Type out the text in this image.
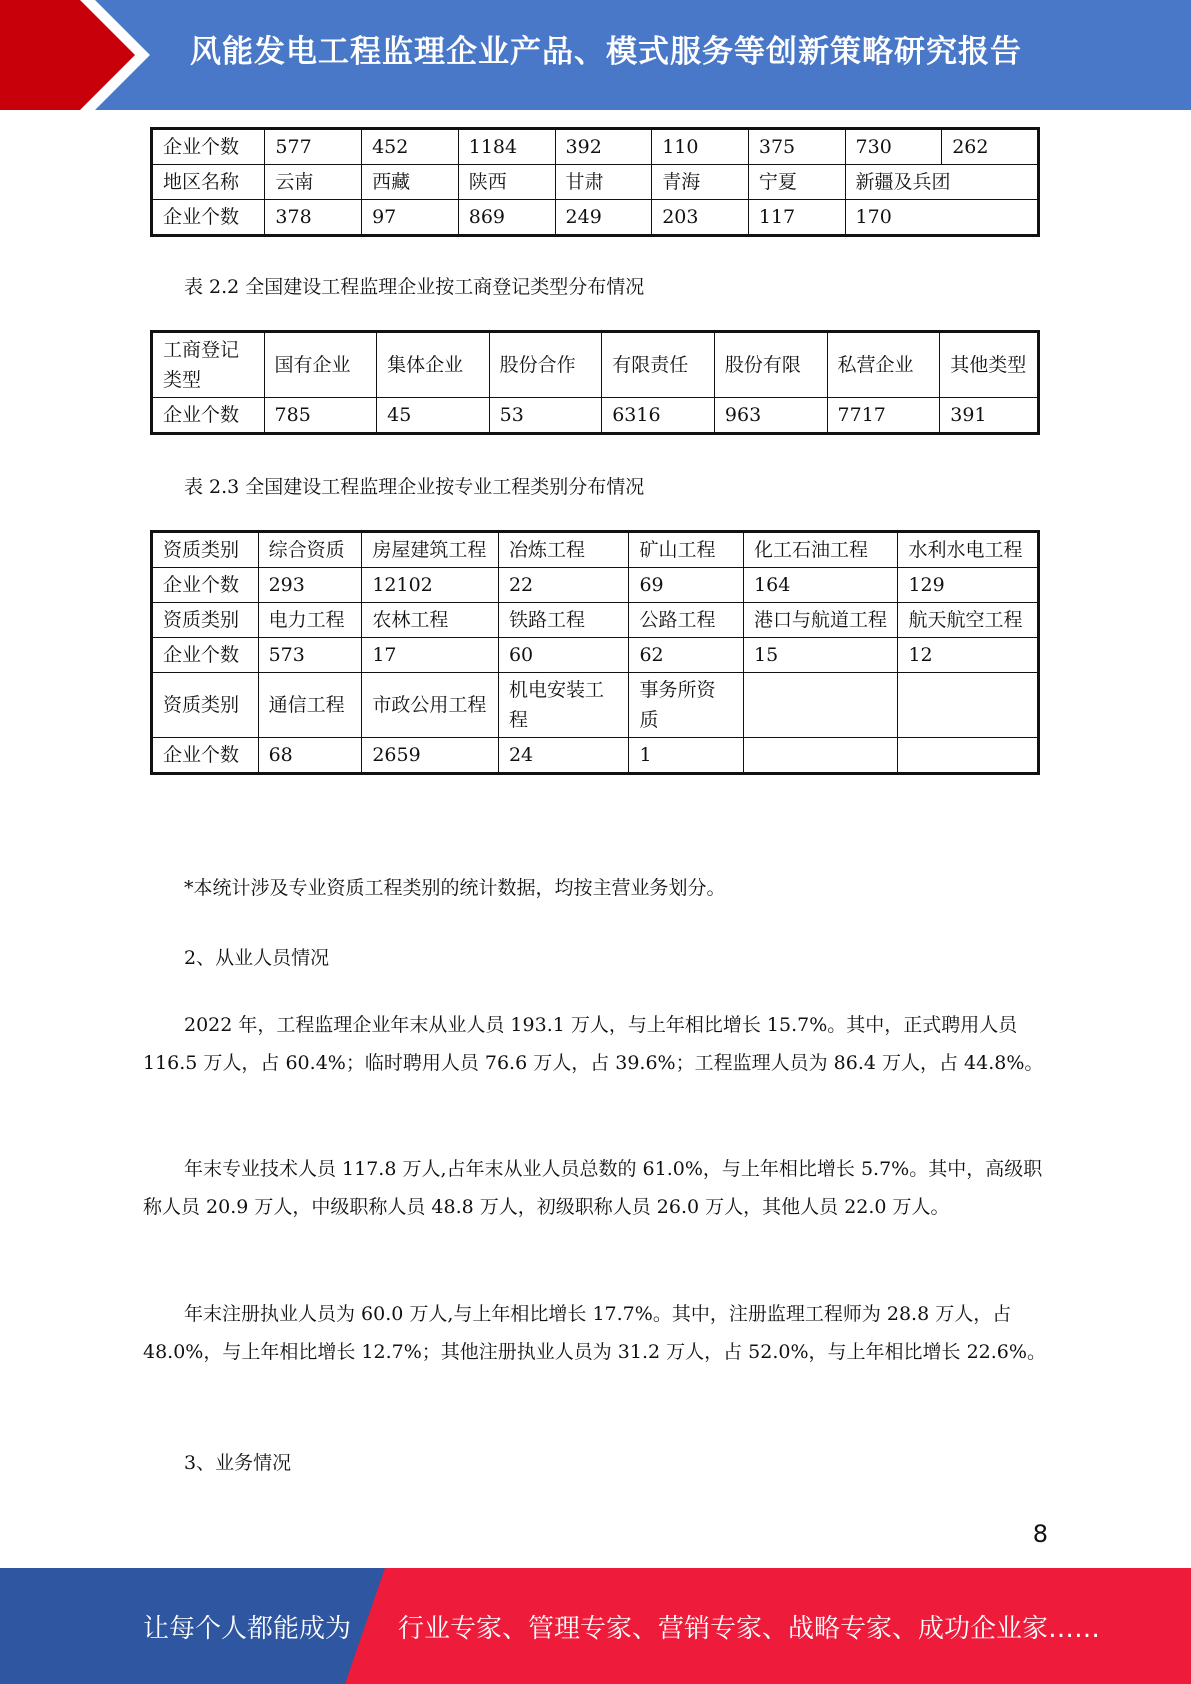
风能发电工程监理企业产品、模式服务等创新策略研究报告
企业个数	577	452	1184	392	110	375	730	262
地区名称	云南	西藏	陕西	甘肃	青海	宁夏	新疆及兵团	
企业个数	378	97	869	249	203	117	170	
表 2.2 全国建设工程监理企业按工商登记类型分布情况
工商登记类型	国有企业	集体企业	股份合作	有限责任	股份有限	私营企业	其他类型
企业个数	785	45	53	6316	963	7717	391
表 2.3 全国建设工程监理企业按专业工程类别分布情况
资质类别	综合资质	房屋建筑工程	冶炼工程	矿山工程	化工石油工程	水利水电工程
企业个数	293	12102	22	69	164	129
资质类别	电力工程	农林工程	铁路工程	公路工程	港口与航道工程	航天航空工程
企业个数	573	17	60	62	15	12
资质类别	通信工程	市政公用工程	机电安装工程	事务所资质		
企业个数	68	2659	24	1		
*本统计涉及专业资质工程类别的统计数据，均按主营业务划分。
2、从业人员情况
2022 年，工程监理企业年末从业人员 193.1 万人，与上年相比增长 15.7%。其中，正式聘用人员 116.5 万人，占 60.4%；临时聘用人员 76.6 万人，占 39.6%；工程监理人员为 86.4 万人，占 44.8%。
年末专业技术人员 117.8 万人,占年末从业人员总数的 61.0%，与上年相比增长 5.7%。其中，高级职称人员 20.9 万人，中级职称人员 48.8 万人，初级职称人员 26.0 万人，其他人员 22.0 万人。
年末注册执业人员为 60.0 万人,与上年相比增长 17.7%。其中，注册监理工程师为 28.8 万人，占 48.0%，与上年相比增长 12.7%；其他注册执业人员为 31.2 万人，占 52.0%，与上年相比增长 22.6%。
3、业务情况
8
让每个人都能成为 行业专家、管理专家、营销专家、战略专家、成功企业家……
